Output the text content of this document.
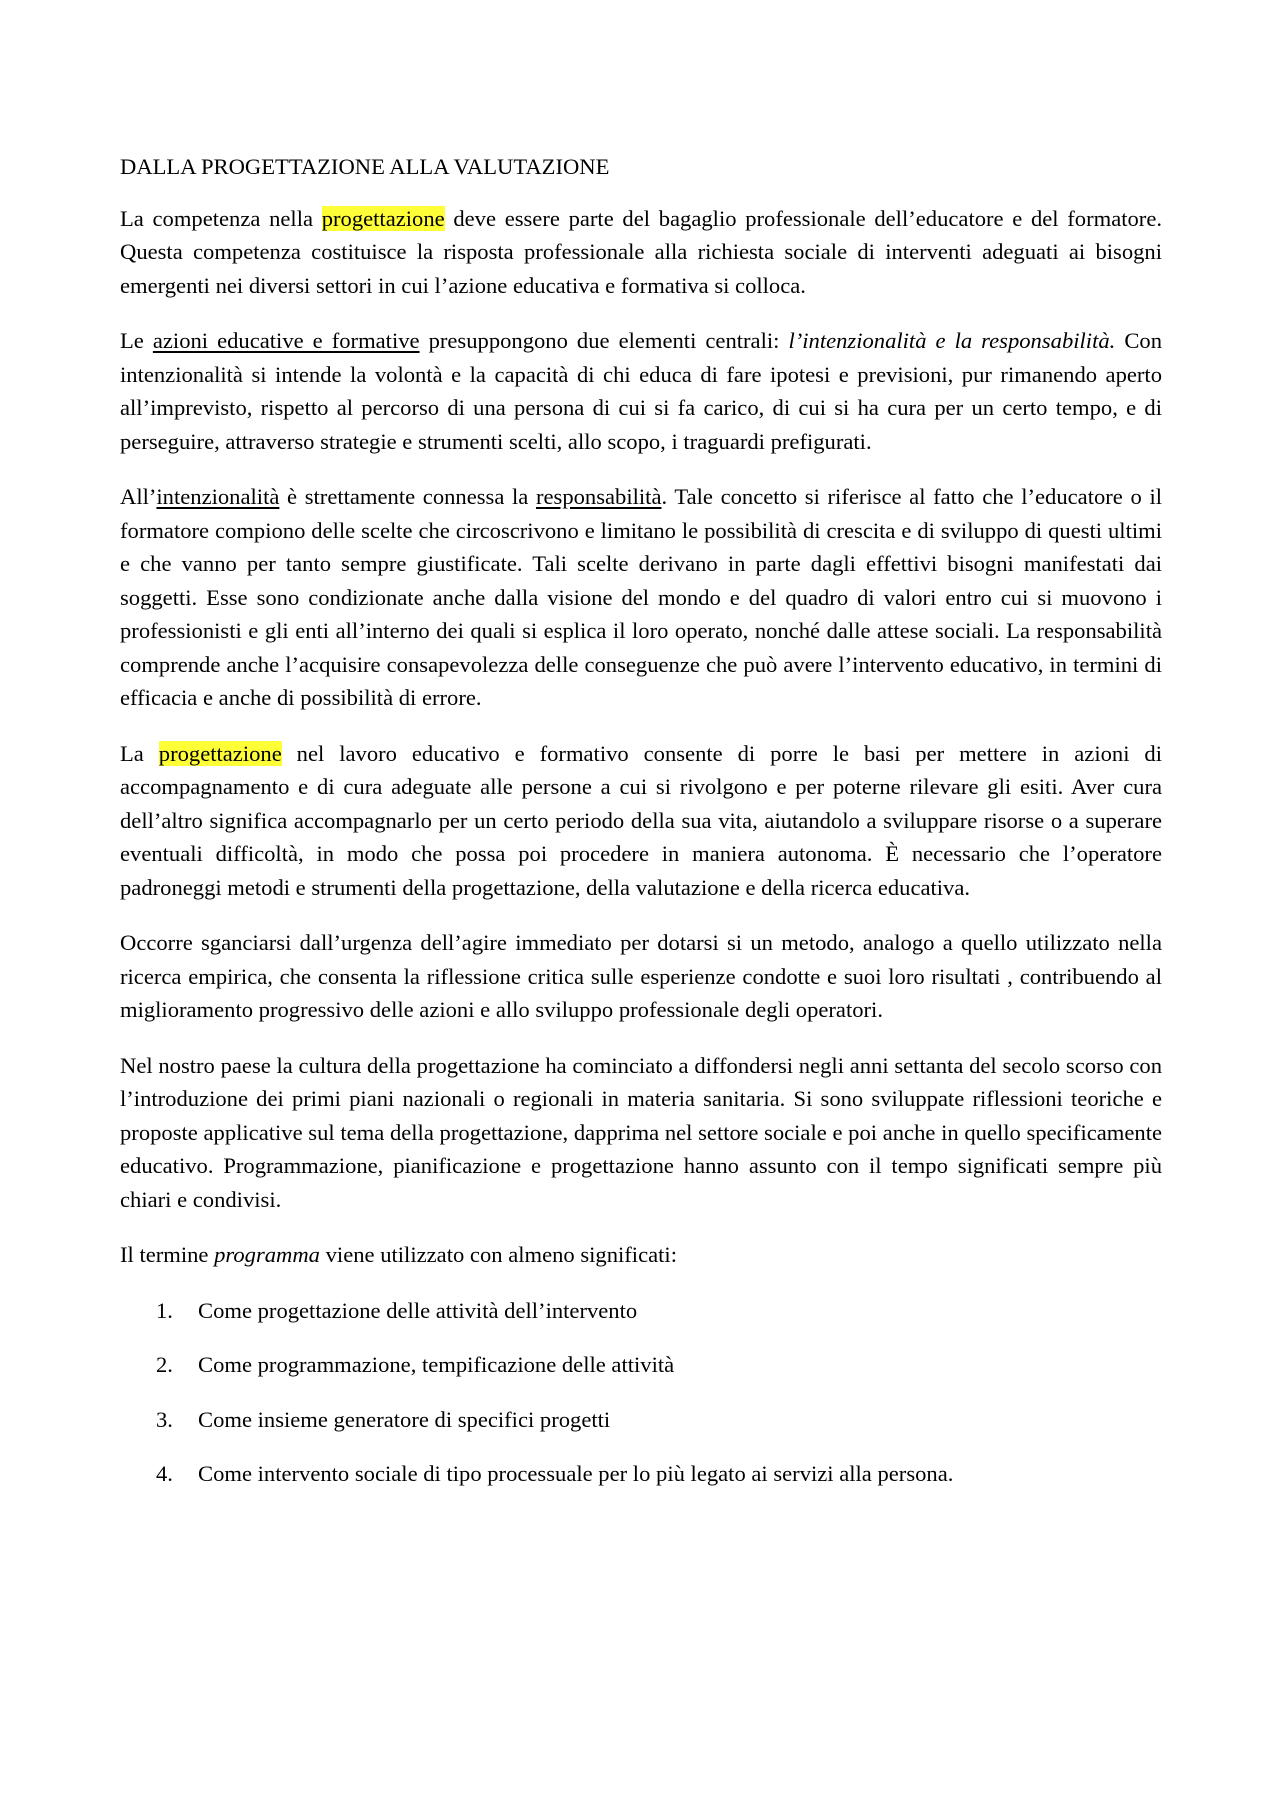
DALLA PROGETTAZIONE ALLA VALUTAZIONE

La competenza nella progettazione deve essere parte del bagaglio professionale dell’educatore e del formatore. Questa competenza costituisce la risposta professionale alla richiesta sociale di interventi adeguati ai bisogni emergenti nei diversi settori in cui l’azione educativa e formativa si colloca.

Le azioni educative e formative presuppongono due elementi centrali: l’intenzionalità e la responsabilità. Con intenzionalità si intende la volontà e la capacità di chi educa di fare ipotesi e previsioni, pur rimanendo aperto all’imprevisto, rispetto al percorso di una persona di cui si fa carico, di cui si ha cura per un certo tempo, e di perseguire, attraverso strategie e strumenti scelti, allo scopo, i traguardi prefigurati.

All’intenzionalità è strettamente connessa la responsabilità. Tale concetto si riferisce al fatto che l’educatore o il formatore compiono delle scelte che circoscrivono e limitano le possibilità di crescita e di sviluppo di questi ultimi e che vanno per tanto sempre giustificate. Tali scelte derivano in parte dagli effettivi bisogni manifestati dai soggetti. Esse sono condizionate anche dalla visione del mondo e del quadro di valori entro cui si muovono i professionisti e gli enti all’interno dei quali si esplica il loro operato, nonché dalle attese sociali. La responsabilità comprende anche l’acquisire consapevolezza delle conseguenze che può avere l’intervento educativo, in termini di efficacia e anche di possibilità di errore.

La progettazione nel lavoro educativo e formativo consente di porre le basi per mettere in azioni di accompagnamento e di cura adeguate alle persone a cui si rivolgono e per poterne rilevare gli esiti. Aver cura dell’altro significa accompagnarlo per un certo periodo della sua vita, aiutandolo a sviluppare risorse o a superare eventuali difficoltà, in modo che possa poi procedere in maniera autonoma. È necessario che l’operatore padroneggi metodi e strumenti della progettazione, della valutazione e della ricerca educativa.

Occorre sganciarsi dall’urgenza dell’agire immediato per dotarsi si un metodo, analogo a quello utilizzato nella ricerca empirica, che consenta la riflessione critica sulle esperienze condotte e suoi loro risultati , contribuendo al miglioramento progressivo delle azioni e allo sviluppo professionale degli operatori.

Nel nostro paese la cultura della progettazione ha cominciato a diffondersi negli anni settanta del secolo scorso con l’introduzione dei primi piani nazionali o regionali in materia sanitaria. Si sono sviluppate riflessioni teoriche e proposte applicative sul tema della progettazione, dapprima nel settore sociale e poi anche in quello specificamente educativo. Programmazione, pianificazione e progettazione hanno assunto con il tempo significati sempre più chiari e condivisi.

Il termine programma viene utilizzato con almeno significati:

1.	Come progettazione delle attività dell’intervento
2.	Come programmazione, tempificazione delle attività
3.	Come insieme generatore di specifici progetti
4.	Come intervento sociale di tipo processuale per lo più legato ai servizi alla persona.
